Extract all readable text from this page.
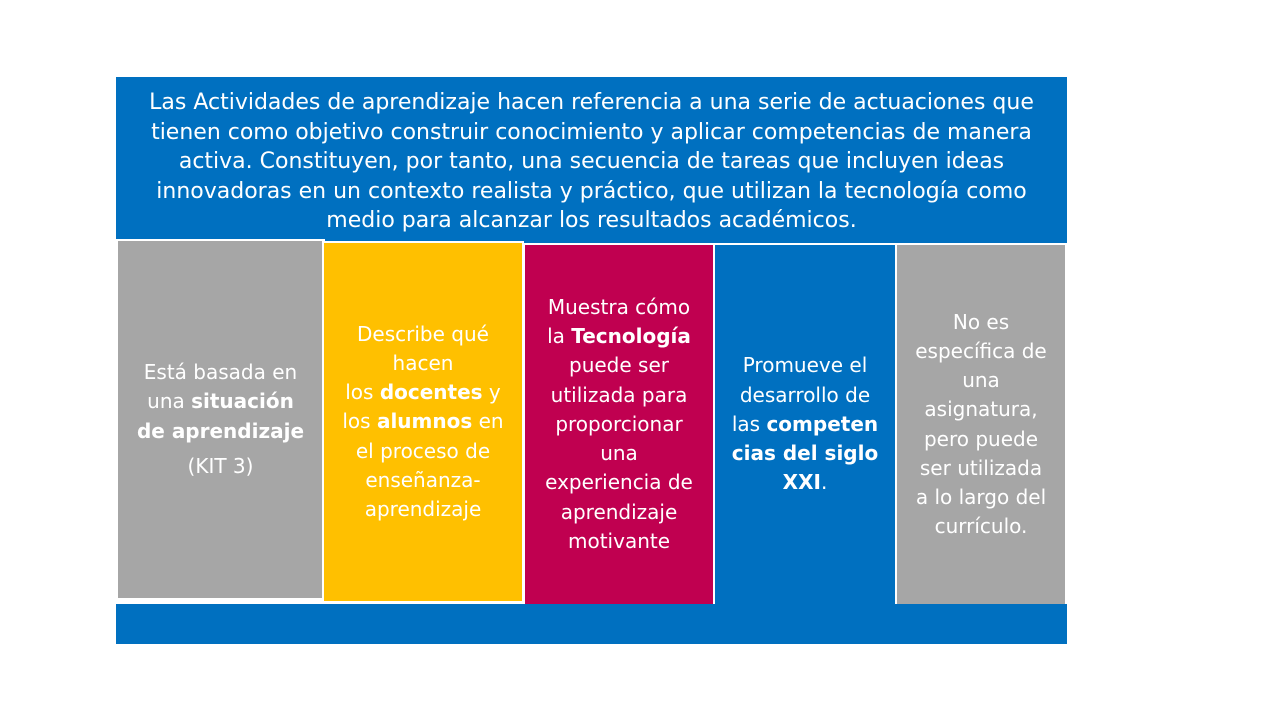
Las Actividades de aprendizaje hacen referencia a una serie de actuaciones que tienen como objetivo construir conocimiento y aplicar competencias de manera activa. Constituyen, por tanto, una secuencia de tareas que incluyen ideas innovadoras en un contexto realista y práctico, que utilizan la tecnología como medio para alcanzar los resultados académicos.
Está basada en
una situación
de aprendizaje
(KIT 3)
Describe qué
hacen
los docentes y
los alumnos en
el proceso de
enseñanza-
aprendizaje
Muestra cómo
la Tecnología
puede ser
utilizada para
proporcionar
una
experiencia de
aprendizaje
motivante
Promueve el
desarrollo de
las competen
cias del siglo
XXI.
No es
específica de
una
asignatura,
pero puede
ser utilizada
a lo largo del
currículo.
